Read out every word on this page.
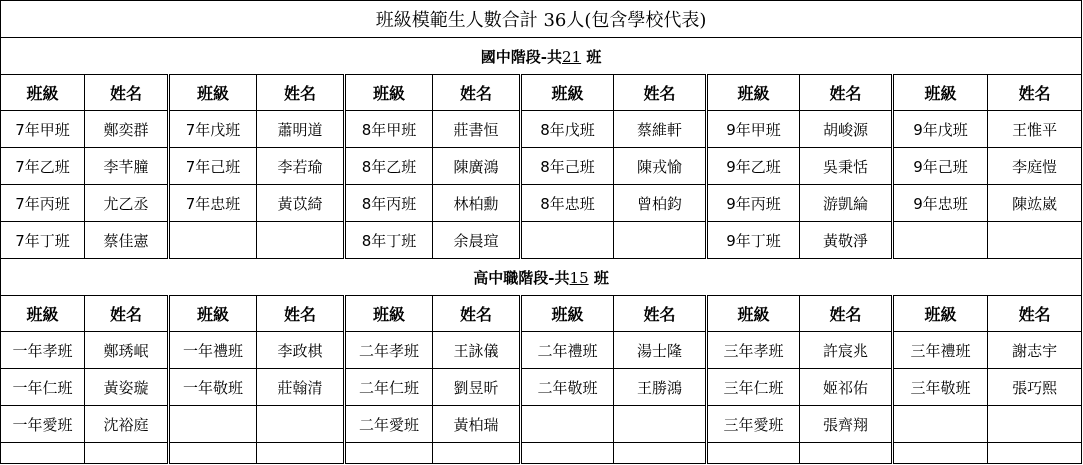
班級模範生人數合計 36人(包含學校代表)											
國中階段-共21 班											
班級	姓名	班級	姓名	班級	姓名	班級	姓名	班級	姓名	班級	姓名
7年甲班	鄭奕群	7年戊班	蕭明道	8年甲班	莊書恒	8年戊班	蔡維軒	9年甲班	胡峻源	9年戊班	王惟平
7年乙班	李芊膧	7年己班	李若瑜	8年乙班	陳廣鴻	8年己班	陳戎愉	9年乙班	吳秉恬	9年己班	李庭愷
7年丙班	尤乙丞	7年忠班	黃苡綺	8年丙班	林柏勳	8年忠班	曾柏鈞	9年丙班	游凱綸	9年忠班	陳竑崴
7年丁班	蔡佳憲			8年丁班	余晨瑄			9年丁班	黃敬淨		
高中職階段-共15 班											
班級	姓名	班級	姓名	班級	姓名	班級	姓名	班級	姓名	班級	姓名
一年孝班	鄭琇岷	一年禮班	李政棋	二年孝班	王詠儀	二年禮班	湯士隆	三年孝班	許宸兆	三年禮班	謝志宇
一年仁班	黃姿璇	一年敬班	莊翰清	二年仁班	劉昱昕	二年敬班	王勝鴻	三年仁班	姬祁佑	三年敬班	張巧熙
一年愛班	沈裕庭			二年愛班	黃柏瑞			三年愛班	張齊翔		
